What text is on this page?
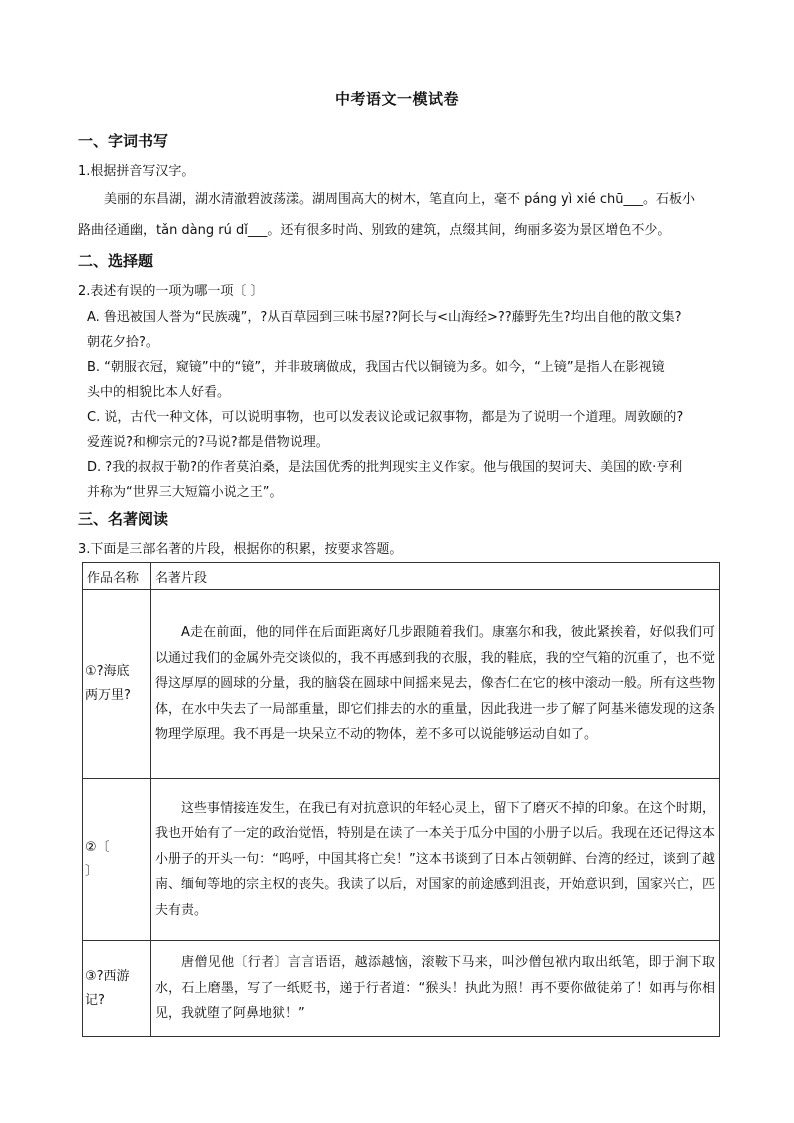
中考语文一模试卷
一、字词书写
1.根据拼音写汉字。
美丽的东昌湖，湖水清澈碧波荡漾。湖周围高大的树木，笔直向上，毫不 páng yì xié chū___。石板小
路曲径通幽，tǎn dàng rú dǐ___。还有很多时尚、别致的建筑，点缀其间，绚丽多姿为景区增色不少。
二、选择题
2.表述有误的一项为哪一项〔 〕
A. 鲁迅被国人誉为“民族魂”，?从百草园到三味书屋??阿长与<山海经>??藤野先生?均出自他的散文集?
朝花夕拾?。
B. “朝服衣冠，窥镜”中的“镜”，并非玻璃做成，我国古代以铜镜为多。如今，“上镜”是指人在影视镜
头中的相貌比本人好看。
C. 说，古代一种文体，可以说明事物，也可以发表议论或记叙事物，都是为了说明一个道理。周敦颐的?
爱莲说?和柳宗元的?马说?都是借物说理。
D. ?我的叔叔于勒?的作者莫泊桑，是法国优秀的批判现实主义作家。他与俄国的契诃夫、美国的欧·亨利
并称为“世界三大短篇小说之王”。
三、名著阅读
3.下面是三部名著的片段，根据你的积累，按要求答题。
作品名称	名著片段

①?海底
两万里?	A走在前面，他的同伴在后面距离好几步跟随着我们。康塞尔和我，彼此紧挨着，好似我们可以通过我们的金属外壳交谈似的，我不再感到我的衣服，我的鞋底，我的空气箱的沉重了，也不觉得这厚厚的圆球的分量，我的脑袋在圆球中间摇来晃去，像杏仁在它的核中滚动一般。所有这些物体，在水中失去了一局部重量，即它们排去的水的重量，因此我进一步了解了阿基米德发现的这条物理学原理。我不再是一块呆立不动的物体，差不多可以说能够运动自如了。

②〔
〕	这些事情接连发生，在我已有对抗意识的年轻心灵上，留下了磨灭不掉的印象。在这个时期，我也开始有了一定的政治觉悟，特别是在读了一本关于瓜分中国的小册子以后。我现在还记得这本小册子的开头一句：“呜呼，中国其将亡矣！”这本书谈到了日本占领朝鲜、台湾的经过，谈到了越南、缅甸等地的宗主权的丧失。我读了以后，对国家的前途感到沮丧，开始意识到，国家兴亡，匹夫有责。

③?西游
记?	唐僧见他〔行者〕言言语语，越添越恼，滚鞍下马来，叫沙僧包袱内取出纸笔，即于涧下取水，石上磨墨，写了一纸贬书，递于行者道：“猴头！执此为照！再不要你做徒弟了！如再与你相见，我就堕了阿鼻地狱！”
